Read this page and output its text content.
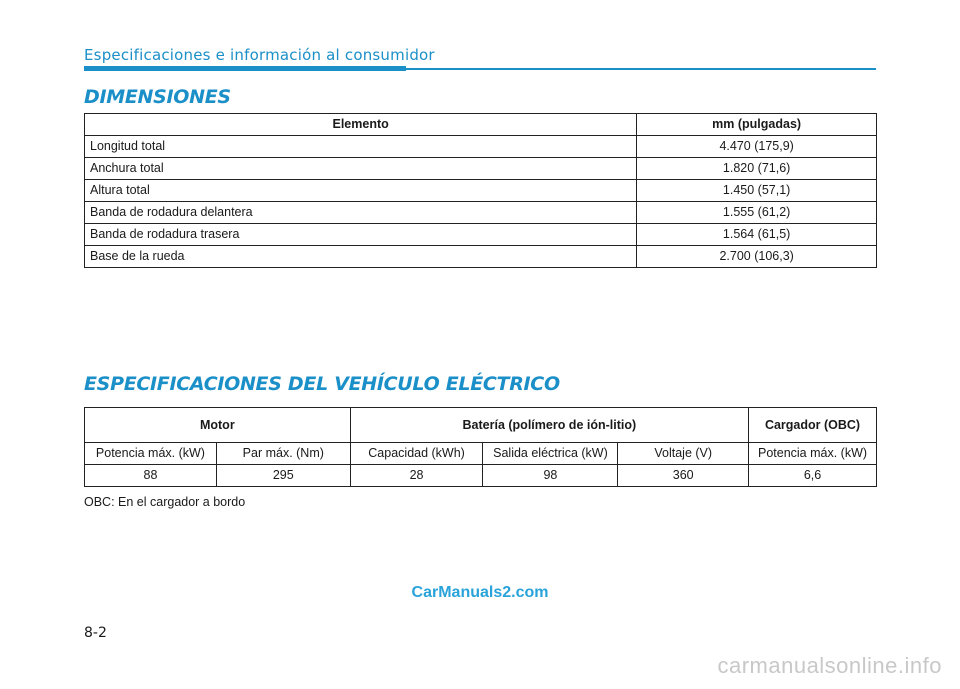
Especificaciones e información al consumidor
DIMENSIONES
Elemento	mm (pulgadas)
Longitud total	4.470 (175,9)
Anchura total	1.820 (71,6)
Altura total	1.450 (57,1)
Banda de rodadura delantera	1.555 (61,2)
Banda de rodadura trasera	1.564 (61,5)
Base de la rueda	2.700 (106,3)
ESPECIFICACIONES DEL VEHÍCULO ELÉCTRICO
Motor		Batería (polímero de ión-litio)			Cargador (OBC)
Potencia máx. (kW)	Par máx. (Nm)	Capacidad (kWh)	Salida eléctrica (kW)	Voltaje (V)	Potencia máx. (kW)
88	295	28	98	360	6,6
OBC: En el cargador a bordo
CarManuals2.com
8-2
carmanualsonline.info
